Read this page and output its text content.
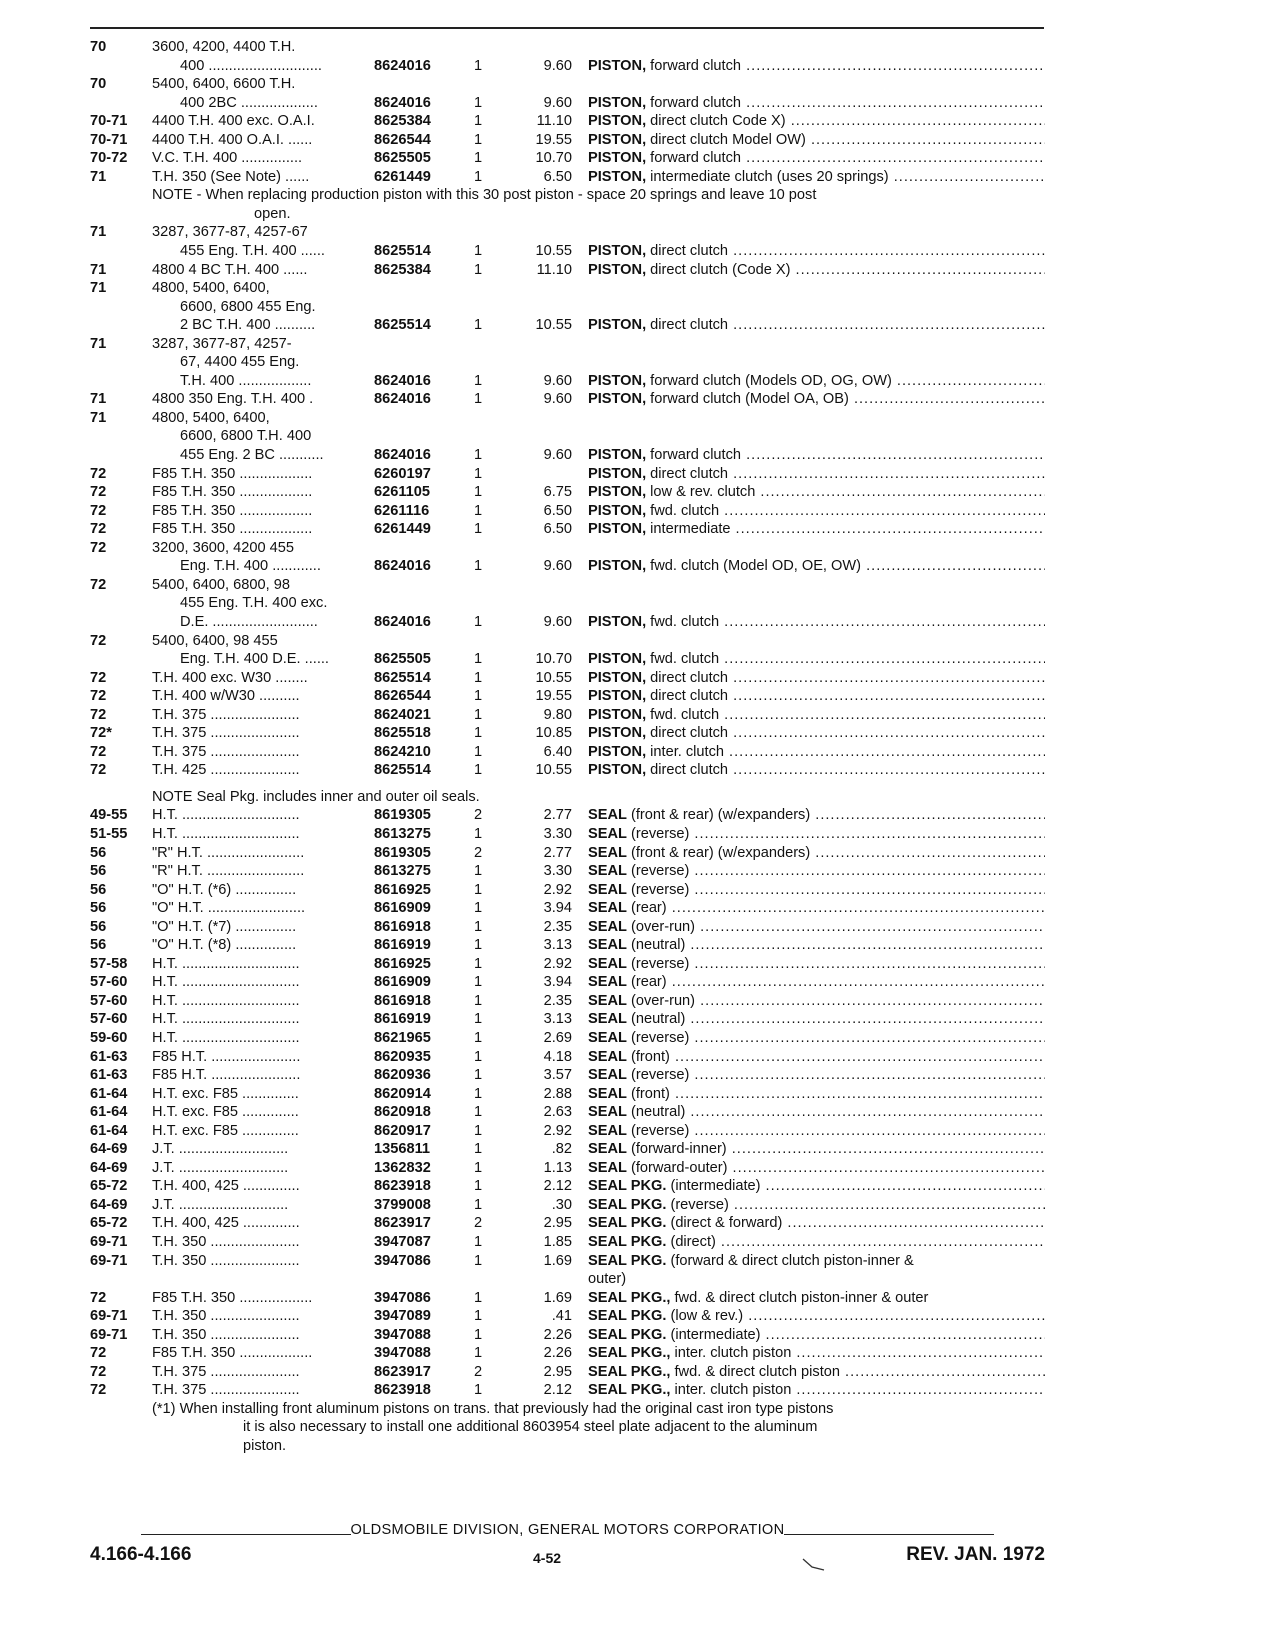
70	3600, 4200, 4400 T.H.
400 ............................	8624016	1	9.60	PISTON, forward clutch .....
70	5400, 6400, 6600 T.H.
400 2BC ...................	8624016	1	9.60	PISTON, forward clutch .....
70-71	4400 T.H. 400 exc. O.A.I.	8625384	1	11.10	PISTON, direct clutch Code X) .....
70-71	4400 T.H. 400 O.A.I. ......	8626544	1	19.55	PISTON, direct clutch Model OW) .....
70-72	V.C. T.H. 400 ...............	8625505	1	10.70	PISTON, forward clutch .....
71	T.H. 350 (See Note) ......	6261449	1	6.50	PISTON, intermediate clutch (uses 20 springs) .....
NOTE - When replacing production piston with this 30 post piston - space 20 springs and leave 10 post
open.
71	3287, 3677-87, 4257-67
455 Eng. T.H. 400 ......	8625514	1	10.55	PISTON, direct clutch .....
71	4800 4 BC T.H. 400 ......	8625384	1	11.10	PISTON, direct clutch (Code X) .....
71	4800, 5400, 6400,
6600, 6800 455 Eng.
2 BC T.H. 400 ..........	8625514	1	10.55	PISTON, direct clutch .....
71	3287, 3677-87, 4257-
67, 4400 455 Eng.
T.H. 400 ..................	8624016	1	9.60	PISTON, forward clutch (Models OD, OG, OW) .....
71	4800 350 Eng. T.H. 400 .	8624016	1	9.60	PISTON, forward clutch (Model OA, OB) .....
71	4800, 5400, 6400,
6600, 6800 T.H. 400
455 Eng. 2 BC ...........	8624016	1	9.60	PISTON, forward clutch .....
72	F85 T.H. 350 ..................	6260197	1	PISTON, direct clutch .....
72	F85 T.H. 350 ..................	6261105	1	6.75	PISTON, low & rev. clutch .....
72	F85 T.H. 350 ..................	6261116	1	6.50	PISTON, fwd. clutch .....
72	F85 T.H. 350 ..................	6261449	1	6.50	PISTON, intermediate .....
72	3200, 3600, 4200 455
Eng. T.H. 400 ............	8624016	1	9.60	PISTON, fwd. clutch (Model OD, OE, OW) .....
72	5400, 6400, 6800, 98
455 Eng. T.H. 400 exc.
D.E. ..........................	8624016	1	9.60	PISTON, fwd. clutch .....
72	5400, 6400, 98 455
Eng. T.H. 400 D.E. ......	8625505	1	10.70	PISTON, fwd. clutch .....
72	T.H. 400 exc. W30 ........	8625514	1	10.55	PISTON, direct clutch .....
72	T.H. 400 w/W30 ..........	8626544	1	19.55	PISTON, direct clutch .....
72	T.H. 375 ......................	8624021	1	9.80	PISTON, fwd. clutch .....
72*	T.H. 375 ......................	8625518	1	10.85	PISTON, direct clutch .....
72	T.H. 375 ......................	8624210	1	6.40	PISTON, inter. clutch .....
72	T.H. 425 ......................	8625514	1	10.55	PISTON, direct clutch .....
NOTE Seal Pkg. includes inner and outer oil seals.
49-55	H.T. .............................	8619305	2	2.77	SEAL (front & rear) (w/expanders) .....
51-55	H.T. .............................	8613275	1	3.30	SEAL (reverse) .....
56	"R" H.T. ........................	8619305	2	2.77	SEAL (front & rear) (w/expanders) .....
56	"R" H.T. ........................	8613275	1	3.30	SEAL (reverse) .....
56	"O" H.T. (*6) ...............	8616925	1	2.92	SEAL (reverse) .....
56	"O" H.T. ........................	8616909	1	3.94	SEAL (rear) .....
56	"O" H.T. (*7) ...............	8616918	1	2.35	SEAL (over-run) .....
56	"O" H.T. (*8) ...............	8616919	1	3.13	SEAL (neutral) .....
57-58	H.T. .............................	8616925	1	2.92	SEAL (reverse) .....
57-60	H.T. .............................	8616909	1	3.94	SEAL (rear) .....
57-60	H.T. .............................	8616918	1	2.35	SEAL (over-run) .....
57-60	H.T. .............................	8616919	1	3.13	SEAL (neutral) .....
59-60	H.T. .............................	8621965	1	2.69	SEAL (reverse) .....
61-63	F85 H.T. ......................	8620935	1	4.18	SEAL (front) .....
61-63	F85 H.T. ......................	8620936	1	3.57	SEAL (reverse) .....
61-64	H.T. exc. F85 ..............	8620914	1	2.88	SEAL (front) .....
61-64	H.T. exc. F85 ..............	8620918	1	2.63	SEAL (neutral) .....
61-64	H.T. exc. F85 ..............	8620917	1	2.92	SEAL (reverse) .....
64-69	J.T. ...........................	1356811	1	.82	SEAL (forward-inner) .....
64-69	J.T. ...........................	1362832	1	1.13	SEAL (forward-outer) .....
65-72	T.H. 400, 425 ..............	8623918	1	2.12	SEAL PKG. (intermediate) .....
64-69	J.T. ...........................	3799008	1	.30	SEAL PKG. (reverse) .....
65-72	T.H. 400, 425 ..............	8623917	2	2.95	SEAL PKG. (direct & forward) .....
69-71	T.H. 350 ......................	3947087	1	1.85	SEAL PKG. (direct) .....
69-71	T.H. 350 ......................	3947086	1	1.69	SEAL PKG. (forward & direct clutch piston-inner &
outer)
72	F85 T.H. 350 ..................	3947086	1	1.69	SEAL PKG., fwd. & direct clutch piston-inner & outer
69-71	T.H. 350 ......................	3947089	1	.41	SEAL PKG. (low & rev.) .....
69-71	T.H. 350 ......................	3947088	1	2.26	SEAL PKG. (intermediate) .....
72	F85 T.H. 350 ..................	3947088	1	2.26	SEAL PKG., inter. clutch piston .....
72	T.H. 375 ......................	8623917	2	2.95	SEAL PKG., fwd. & direct clutch piston .....
72	T.H. 375 ......................	8623918	1	2.12	SEAL PKG., inter. clutch piston .....
(*1) When installing front aluminum pistons on trans. that previously had the original cast iron type pistons
it is also necessary to install one additional 8603954 steel plate adjacent to the aluminum
piston.
OLDSMOBILE DIVISION, GENERAL MOTORS CORPORATION
4.166-4.166	4-52	REV. JAN. 1972
